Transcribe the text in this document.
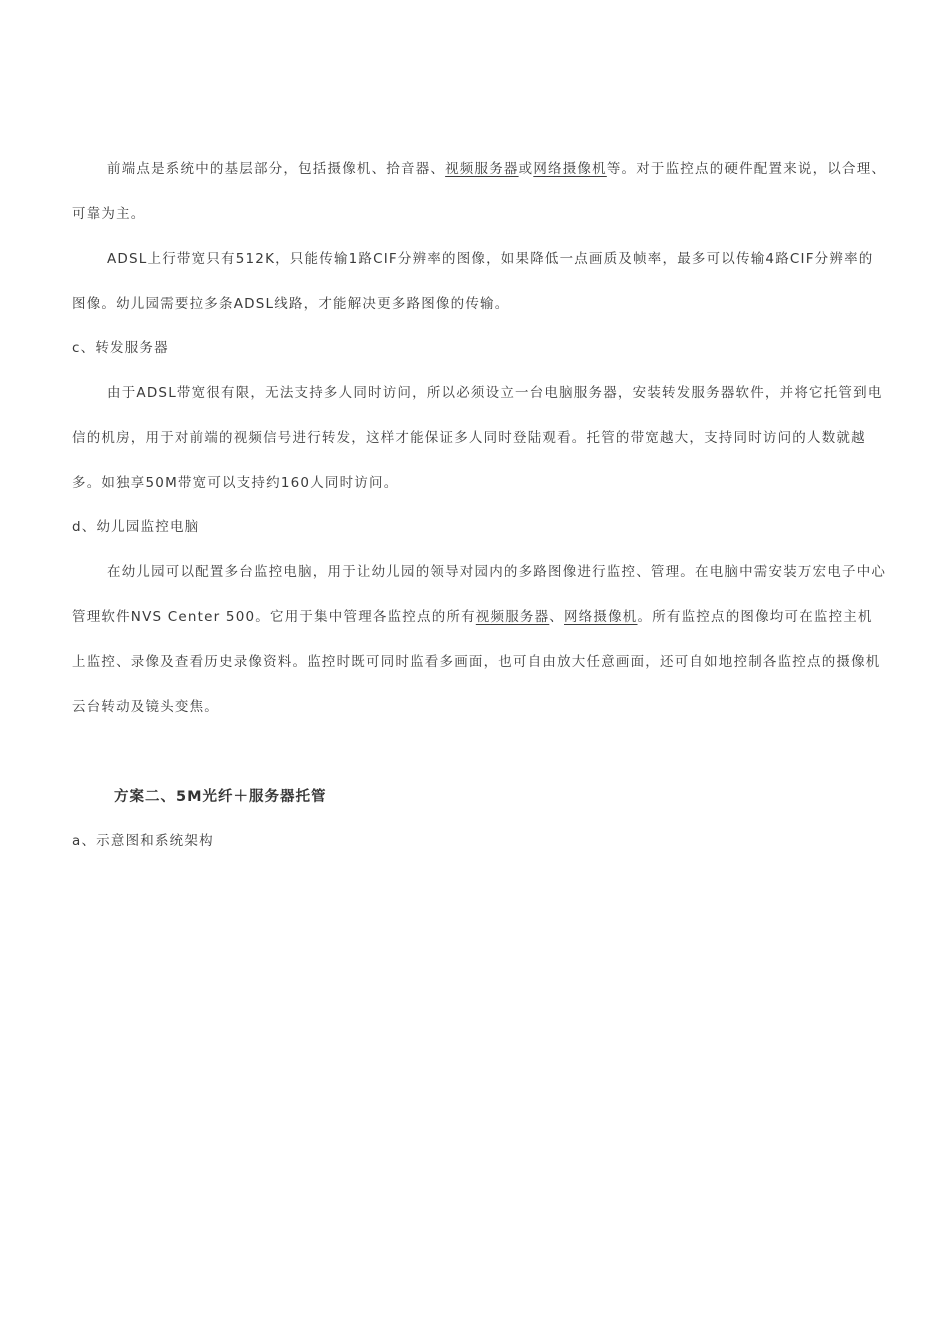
前端点是系统中的基层部分，包括摄像机、拾音器、视频服务器或网络摄像机等。对于监控点的硬件配置来说，以合理、可靠为主。

ADSL上行带宽只有512K，只能传输1路CIF分辨率的图像，如果降低一点画质及帧率，最多可以传输4路CIF分辨率的图像。幼儿园需要拉多条ADSL线路，才能解决更多路图像的传输。

c、转发服务器

由于ADSL带宽很有限，无法支持多人同时访问，所以必须设立一台电脑服务器，安装转发服务器软件，并将它托管到电信的机房，用于对前端的视频信号进行转发，这样才能保证多人同时登陆观看。托管的带宽越大，支持同时访问的人数就越多。如独享50M带宽可以支持约160人同时访问。

d、幼儿园监控电脑

在幼儿园可以配置多台监控电脑，用于让幼儿园的领导对园内的多路图像进行监控、管理。在电脑中需安装万宏电子中心管理软件NVS Center 500。它用于集中管理各监控点的所有视频服务器、网络摄像机。所有监控点的图像均可在监控主机上监控、录像及查看历史录像资料。监控时既可同时监看多画面，也可自由放大任意画面，还可自如地控制各监控点的摄像机云台转动及镜头变焦。

方案二、5M光纤＋服务器托管

a、示意图和系统架构
